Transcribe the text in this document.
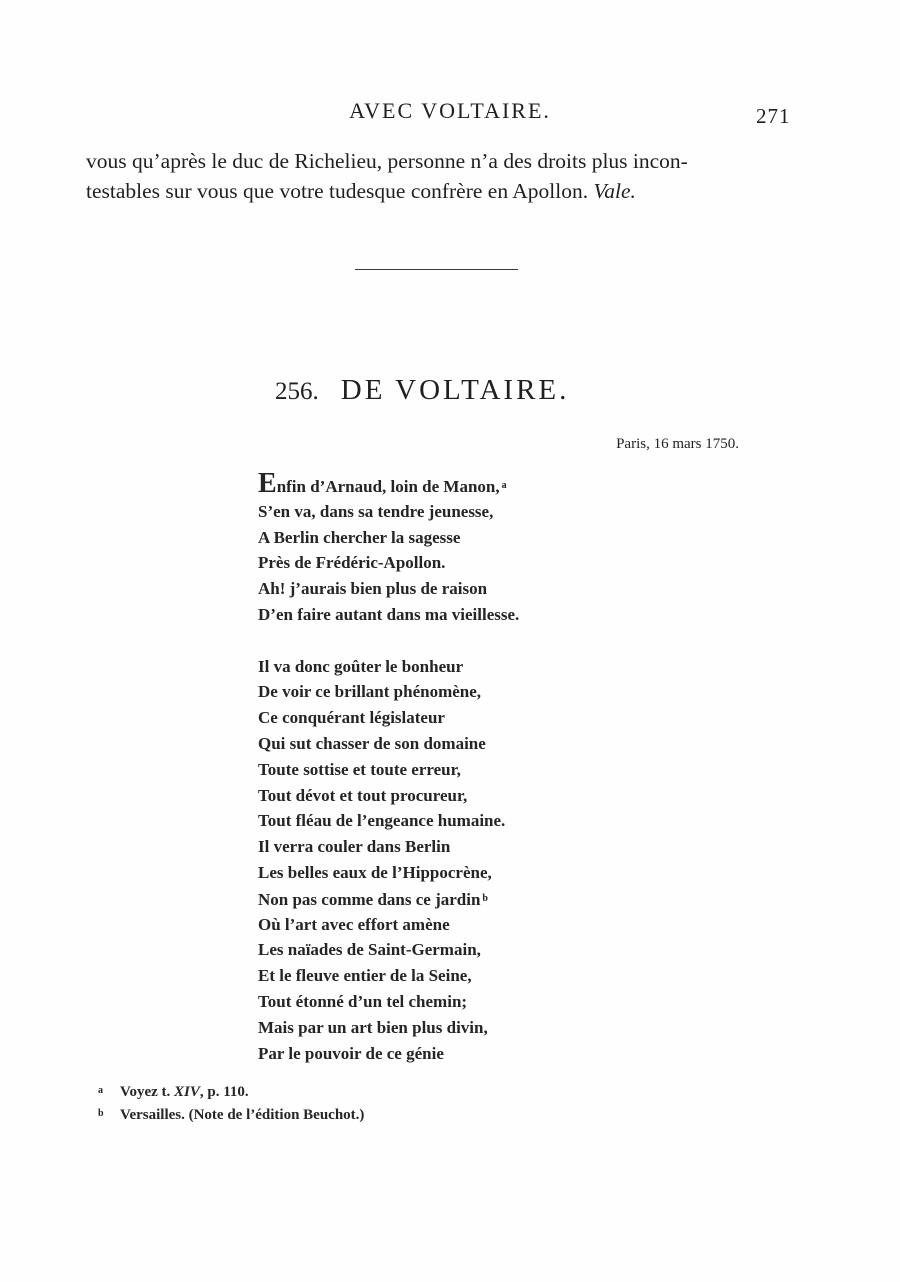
AVEC VOLTAIRE.	271
vous qu’après le duc de Richelieu, personne n’a des droits plus incon-
testables sur vous que votre tudesque confrère en Apollon. Vale.
256. DE VOLTAIRE.
Paris, 16 mars 1750.
Enfin d’Arnaud, loin de Manon, $^a$
S’en va, dans sa tendre jeunesse,
A Berlin chercher la sagesse
Près de Frédéric-Apollon.
Ah! j’aurais bien plus de raison
D’en faire autant dans ma vieillesse.
Il va donc goûter le bonheur
De voir ce brillant phénomène,
Ce conquérant législateur
Qui sut chasser de son domaine
Toute sottise et toute erreur,
Tout dévot et tout procureur,
Tout fléau de l’engeance humaine.
Il verra couler dans Berlin
Les belles eaux de l’Hippocrène,
Non pas comme dans ce jardin $^b$
Où l’art avec effort amène
Les naïades de Saint-Germain,
Et le fleuve entier de la Seine,
Tout étonné d’un tel chemin;
Mais par un art bien plus divin,
Par le pouvoir de ce génie
a Voyez t. XIV, p. 110.
b Versailles. (Note de l’édition Beuchot.)
